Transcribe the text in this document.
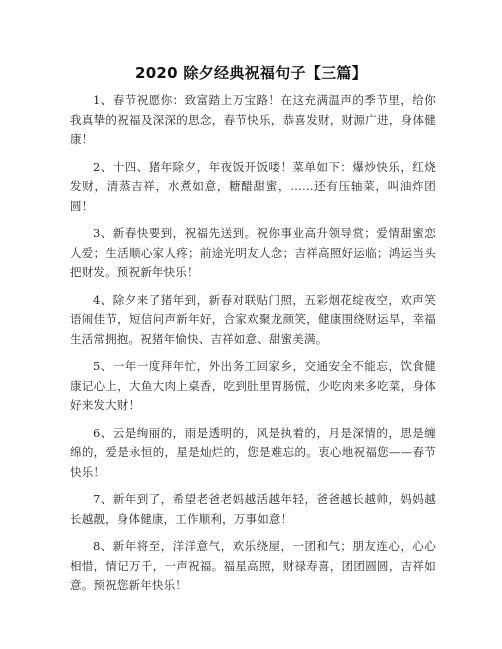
2020 除夕经典祝福句子【三篇】

1、春节祝愿你：致富踏上万宝路！在这充满温声的季节里，给你我真挚的祝福及深深的思念，春节快乐，恭喜发财，财源广进，身体健康！

2、十四、猪年除夕，年夜饭开饭喽！菜单如下：爆炒快乐，红烧发财，清蒸吉祥，水煮如意，糖醋甜蜜，……还有压轴菜，叫油炸团圆！

3、新春快要到，祝福先送到。祝你事业高升领导赏；爱情甜蜜恋人爱；生活顺心家人疼；前途光明友人念；吉祥高照好运临；鸿运当头把财发。预祝新年快乐！

4、除夕来了猪年到，新春对联贴门照，五彩烟花绽夜空，欢声笑语闹佳节，短信问声新年好，合家欢聚龙颜笑，健康围绕财运旱，幸福生活常拥抱。祝猪年愉快、吉祥如意、甜蜜美满。

5、一年一度拜年忙，外出务工回家乡，交通安全不能忘，饮食健康记心上，大鱼大肉上桌香，吃到肚里胃肠慌，少吃肉来多吃菜，身体好来发大财！

6、云是绚丽的，雨是透明的，风是执着的，月是深情的，思是缠绵的，爱是永恒的，星是灿烂的，您是难忘的。衷心地祝福您——春节快乐！

7、新年到了，希望老爸老妈越活越年轻，爸爸越长越帅，妈妈越长越靓，身体健康，工作顺利，万事如意！

8、新年将至，洋洋意气，欢乐绕屋，一团和气；朋友连心，心心相惜，情记万千，一声祝福。福星高照，财禄寿喜，团团圆圆，吉祥如意。预祝您新年快乐！
